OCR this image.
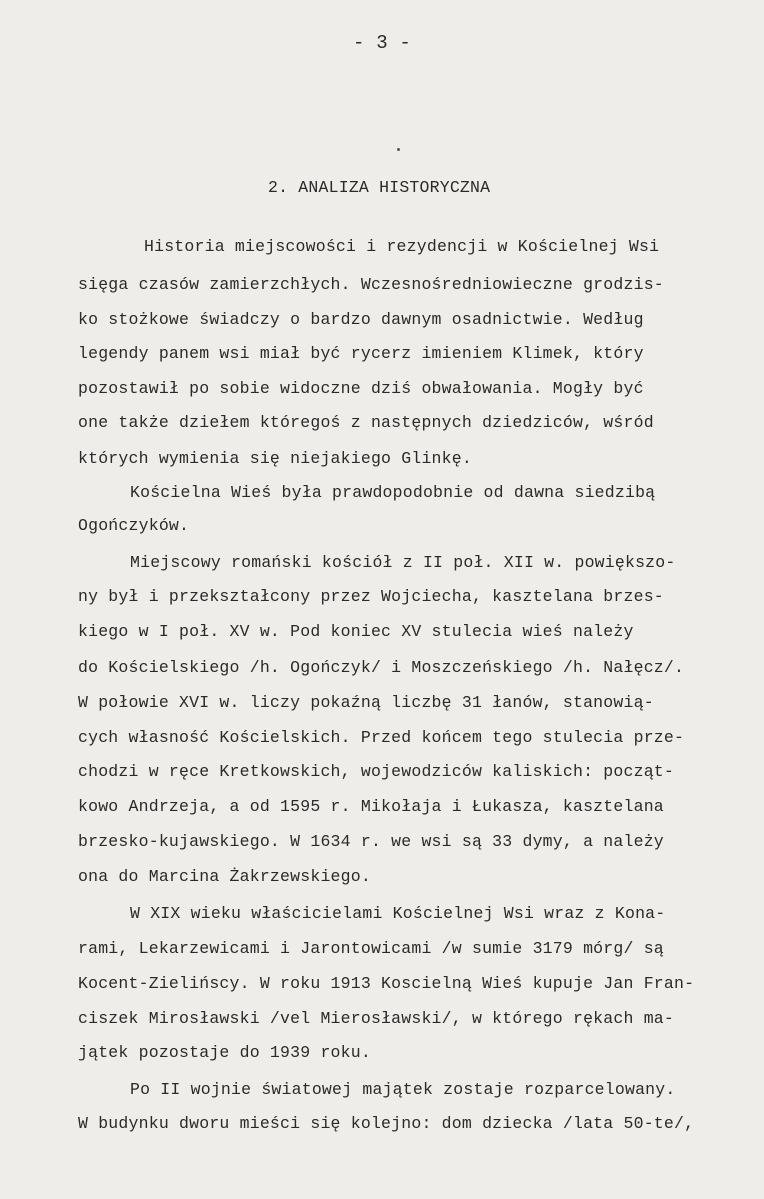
- 3 -
2. ANALIZA HISTORYCZNA
Historia miejscowości i rezydencji w Kościelnej Wsi
sięga czasów zamierzchłych. Wczesnośredniowieczne grodzis-
ko stożkowe świadczy o bardzo dawnym osadnictwie. Według
legendy panem wsi miał być rycerz imieniem Klimek, który
pozostawił po sobie widoczne dziś obwałowania. Mogły być
one także dziełem któregoś z następnych dziedziców, wśród
których wymienia się niejakiego Glinkę.
Kościelna Wieś była prawdopodobnie od dawna siedzibą
Ogończyków.
Miejscowy romański kościół z II poł. XII w. powiększo-
ny był i przekształcony przez Wojciecha, kasztelana brzes-
kiego w I poł. XV w. Pod koniec XV stulecia wieś należy
do Kościelskiego /h. Ogończyk/ i Moszczeńskiego /h. Nałęcz/.
W połowie XVI w. liczy pokaźną liczbę 31 łanów, stanowią-
cych własność Kościelskich. Przed końcem tego stulecia prze-
chodzi w ręce Kretkowskich, wojewodziców kaliskich: począt-
kowo Andrzeja, a od 1595 r. Mikołaja i Łukasza, kasztelana
brzesko-kujawskiego. W 1634 r. we wsi są 33 dymy, a należy
ona do Marcina Żakrzewskiego.
W XIX wieku właścicielami Kościelnej Wsi wraz z Kona-
rami, Lekarzewicami i Jarontowicami /w sumie 3179 mórg/ są
Kocent-Zielińscy. W roku 1913 Koscielną Wieś kupuje Jan Fran-
ciszek Mirosławski /vel Mierosławski/, w którego rękach ma-
jątek pozostaje do 1939 roku.
Po II wojnie światowej majątek zostaje rozparcelowany.
W budynku dworu mieści się kolejno: dom dziecka /lata 50-te/,
